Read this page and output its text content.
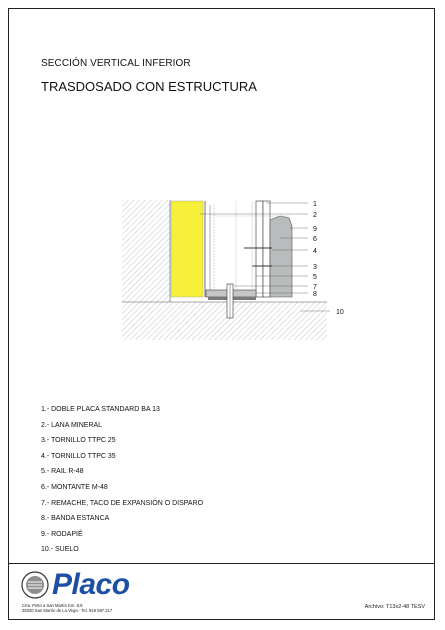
SECCIÓN VERTICAL INFERIOR
TRASDOSADO CON ESTRUCTURA
1
2
9
6
4
3
5
7
8
10
1.- DOBLE PLACA STANDARD BA 13
2.- LANA MINERAL
3.- TORNILLO TTPC 25
4.- TORNILLO TTPC 35
5.- RAIL R-48
6.- MONTANTE M-48
7.- REMACHE, TACO DE EXPANSIÓN O DISPARO
8.- BANDA ESTANCA
9.- RODAPIÉ
10.- SUELO
Placo
Crta. Pinto a San Martín Km. 8,9
28330 San Martín de La Vega · Tel. 918 087 217
Archivo: T13x2-48 TESV
